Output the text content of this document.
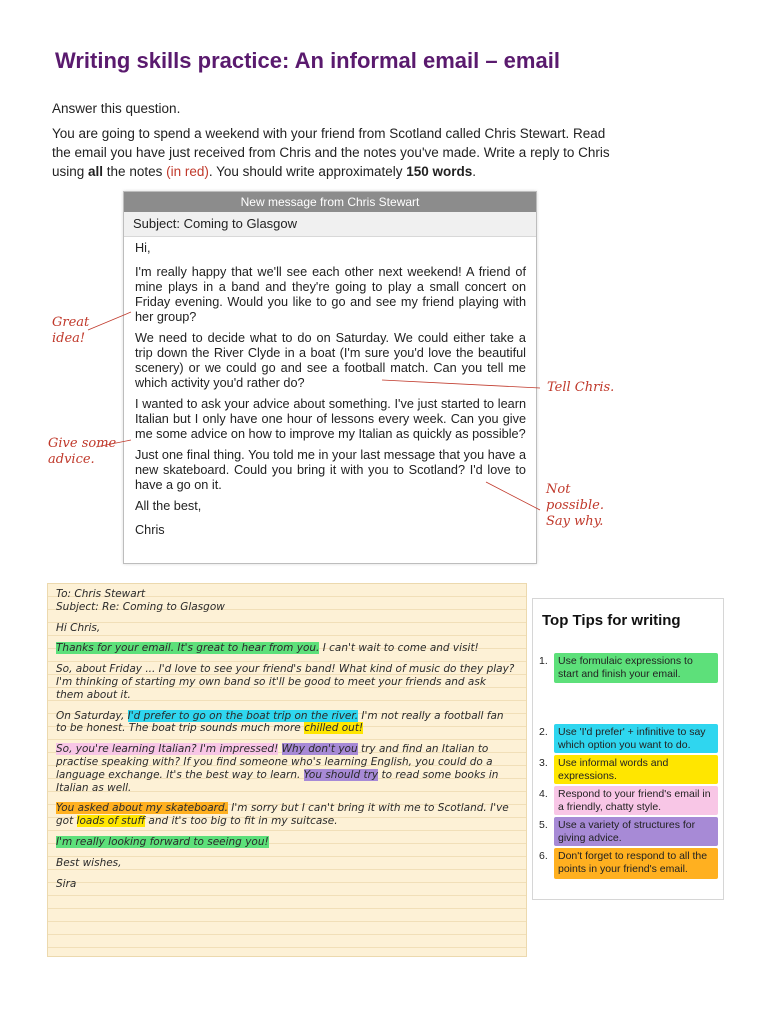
Writing skills practice: An informal email – email
Answer this question.
You are going to spend a weekend with your friend from Scotland called Chris Stewart. Read the email you have just received from Chris and the notes you've made. Write a reply to Chris using all the notes (in red). You should write approximately 150 words.
New message from Chris Stewart
Subject: Coming to Glasgow

Hi,

I'm really happy that we'll see each other next weekend! A friend of mine plays in a band and they're going to play a small concert on Friday evening. Would you like to go and see my friend playing with her group?

We need to decide what to do on Saturday. We could either take a trip down the River Clyde in a boat (I'm sure you'd love the beautiful scenery) or we could go and see a football match. Can you tell me which activity you'd rather do?

I wanted to ask your advice about something. I've just started to learn Italian but I only have one hour of lessons every week. Can you give me some advice on how to improve my Italian as quickly as possible?

Just one final thing. You told me in your last message that you have a new skateboard. Could you bring it with you to Scotland? I'd love to have a go on it.

All the best,

Chris

Great
idea!
Tell Chris.
Give some
advice.
Not
possible.
Say why.

To: Chris Stewart

Subject: Re: Coming to Glasgow

Hi Chris,

Thanks for your email. It's great to hear from you. I can't wait to come and visit!

So, about Friday ... I'd love to see your friend's band! What kind of music do they play? I'm thinking of starting my own band so it'll be good to meet your friends and ask them about it.

On Saturday, I'd prefer to go on the boat trip on the river. I'm not really a football fan to be honest. The boat trip sounds much more chilled out!

So, you're learning Italian? I'm impressed! Why don't you try and find an Italian to practise speaking with? If you find someone who's learning English, you could do a language exchange. It's the best way to learn. You should try to read some books in Italian as well.

You asked about my skateboard. I'm sorry but I can't bring it with me to Scotland. I've got loads of stuff and it's too big to fit in my suitcase.

I'm really looking forward to seeing you!

Best wishes,

Sira

Top Tips for writing
1. Use formulaic expressions to start and finish your email.
2. Use 'I'd prefer' + infinitive to say which option you want to do.
3. Use informal words and expressions.
4. Respond to your friend's email in a friendly, chatty style.
5. Use a variety of structures for giving advice.
6. Don't forget to respond to all the points in your friend's email.
